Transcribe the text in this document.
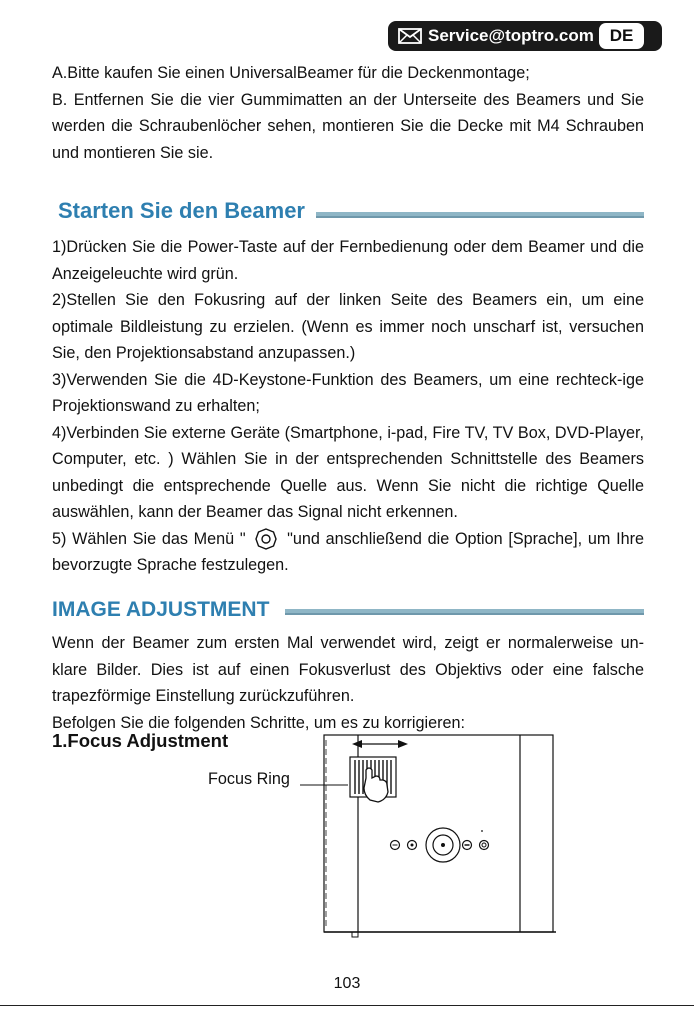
Service@toptro.com DE

A.Bitte kaufen Sie einen UniversalBeamer für die Deckenmontage;

B. Entfernen Sie die vier Gummimatten an der Unterseite des Beamers und Sie werden die Schraubenlöcher sehen, montieren Sie die Decke mit M4 Schrauben und montieren Sie sie.

Starten Sie den Beamer

1)Drücken Sie die Power-Taste auf der Fernbedienung oder dem Beamer und die Anzeigeleuchte wird grün.

2)Stellen Sie den Fokusring auf der linken Seite des Beamers ein, um eine optimale Bildleistung zu erzielen. (Wenn es immer noch unscharf ist, versuchen Sie, den Projektionsabstand anzupassen.)

3)Verwenden Sie die 4D-Keystone-Funktion des Beamers, um eine rechteck-ige Projektionswand zu erhalten;

4)Verbinden Sie externe Geräte (Smartphone, i-pad, Fire TV, TV Box, DVD-Player, Computer, etc. ) Wählen Sie in der entsprechenden Schnittstelle des Beamers unbedingt die entsprechende Quelle aus. Wenn Sie nicht die richtige Quelle auswählen, kann der Beamer das Signal nicht erkennen.

5) Wählen Sie das Menü "	"und anschließend die Option [Sprache], um Ihre bevorzugte Sprache festzulegen.

IMAGE ADJUSTMENT

Wenn der Beamer zum ersten Mal verwendet wird, zeigt er normalerweise un-klare Bilder. Dies ist auf einen Fokusverlust des Objektivs oder eine falsche trapezförmige Einstellung zurückzuführen.

Befolgen Sie die folgenden Schritte, um es zu korrigieren:

1.Focus Adjustment
Focus Ring
103
